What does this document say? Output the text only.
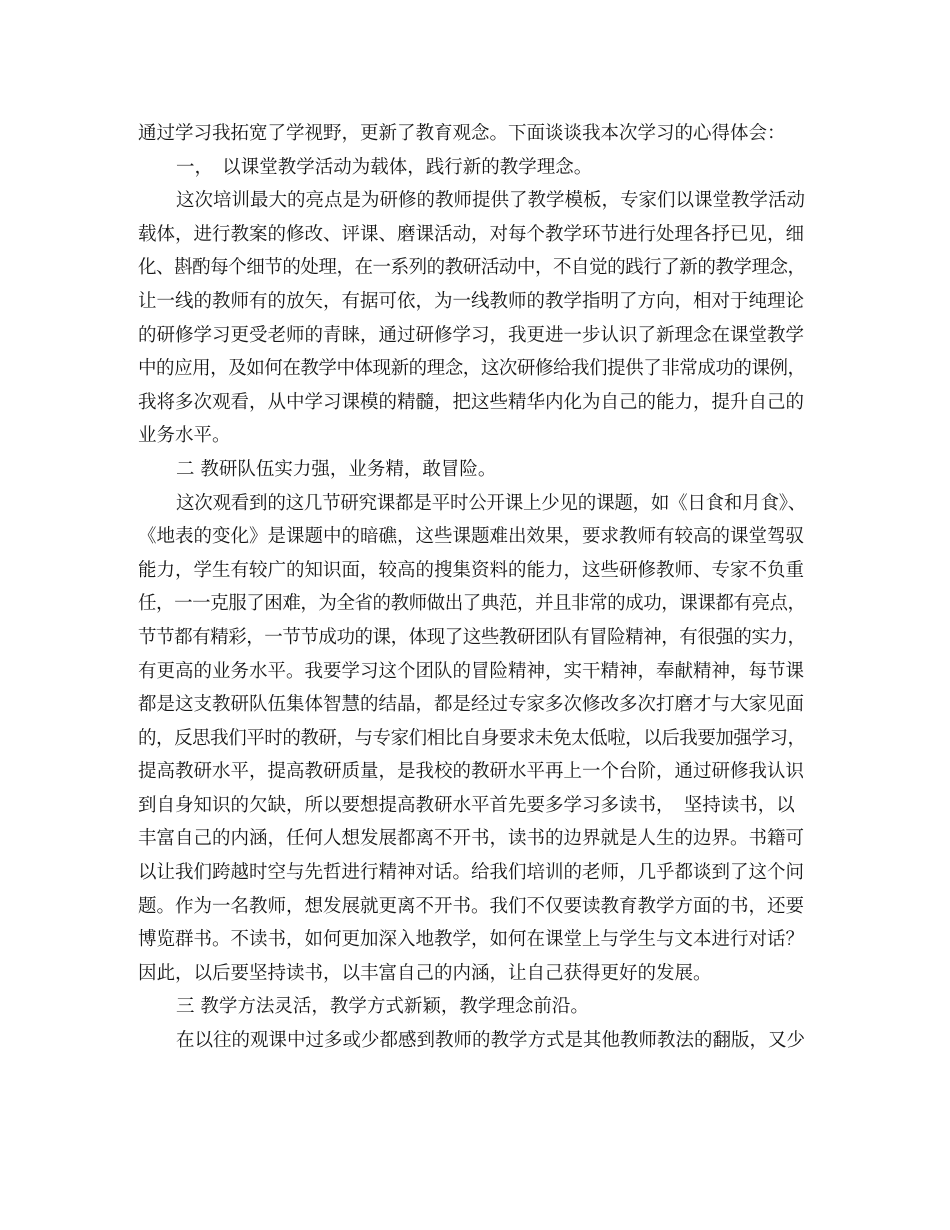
通过学习我拓宽了学视野，更新了教育观念。下面谈谈我本次学习的心得体会：
一，　以课堂教学活动为载体，践行新的教学理念。
这次培训最大的亮点是为研修的教师提供了教学模板，专家们以课堂教学活动
载体，进行教案的修改、评课、磨课活动，对每个教学环节进行处理各抒已见，细
化、斟酌每个细节的处理，在一系列的教研活动中，不自觉的践行了新的教学理念，
让一线的教师有的放矢，有据可依，为一线教师的教学指明了方向，相对于纯理论
的研修学习更受老师的青睐，通过研修学习，我更进一步认识了新理念在课堂教学
中的应用，及如何在教学中体现新的理念，这次研修给我们提供了非常成功的课例，
我将多次观看，从中学习课模的精髓，把这些精华内化为自己的能力，提升自己的
业务水平。
二 教研队伍实力强，业务精，敢冒险。
这次观看到的这几节研究课都是平时公开课上少见的课题，如《日食和月食》、
《地表的变化》是课题中的暗礁，这些课题难出效果，要求教师有较高的课堂驾驭
能力，学生有较广的知识面，较高的搜集资料的能力，这些研修教师、专家不负重
任，一一克服了困难，为全省的教师做出了典范，并且非常的成功，课课都有亮点，
节节都有精彩，一节节成功的课，体现了这些教研团队有冒险精神，有很强的实力，
有更高的业务水平。我要学习这个团队的冒险精神，实干精神，奉献精神，每节课
都是这支教研队伍集体智慧的结晶，都是经过专家多次修改多次打磨才与大家见面
的，反思我们平时的教研，与专家们相比自身要求未免太低啦，以后我要加强学习，
提高教研水平，提高教研质量，是我校的教研水平再上一个台阶，通过研修我认识
到自身知识的欠缺，所以要想提高教研水平首先要多学习多读书，　坚持读书，以
丰富自己的内涵，任何人想发展都离不开书，读书的边界就是人生的边界。书籍可
以让我们跨越时空与先哲进行精神对话。给我们培训的老师，几乎都谈到了这个问
题。作为一名教师，想发展就更离不开书。我们不仅要读教育教学方面的书，还要
博览群书。不读书，如何更加深入地教学，如何在课堂上与学生与文本进行对话？
因此，以后要坚持读书，以丰富自己的内涵，让自己获得更好的发展。
三 教学方法灵活，教学方式新颖，教学理念前沿。
在以往的观课中过多或少都感到教师的教学方式是其他教师教法的翻版，又少
